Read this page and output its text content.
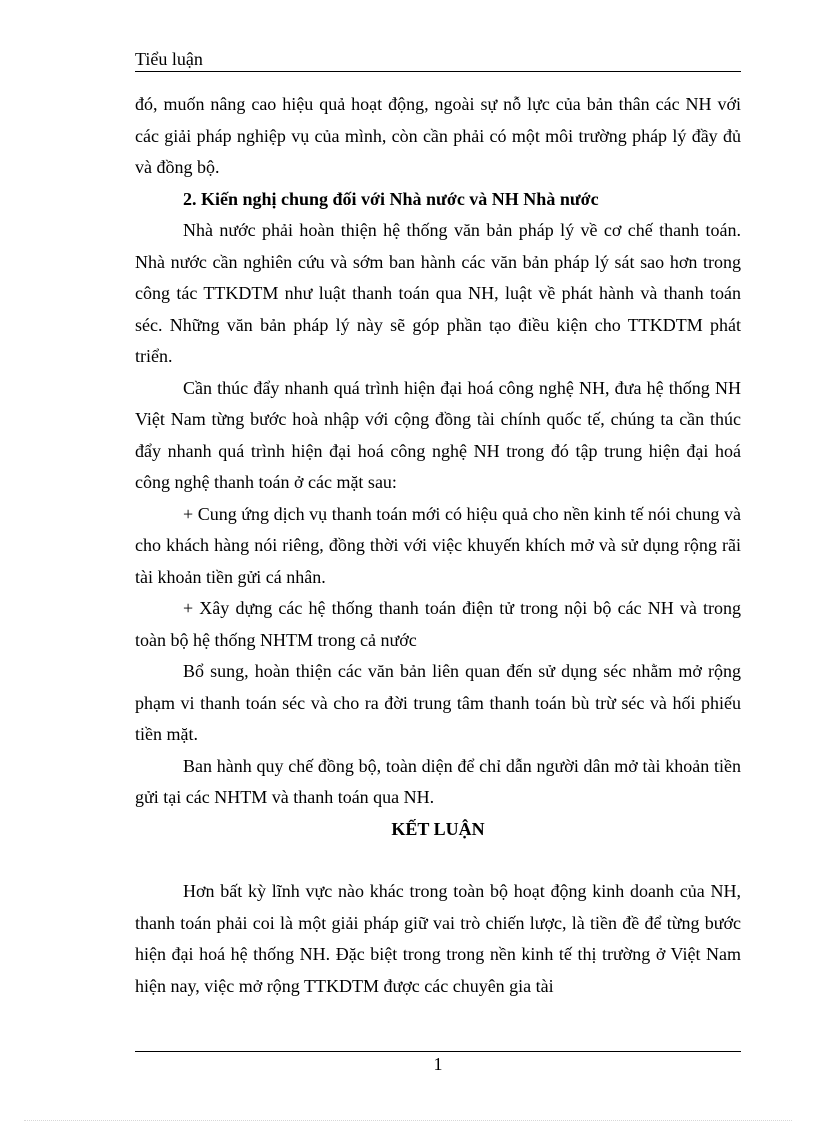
Tiểu luận

đó, muốn nâng cao hiệu quả hoạt động, ngoài sự nỗ lực của bản thân các NH với các giải pháp nghiệp vụ của mình, còn cần phải có một môi trường pháp lý đầy đủ và đồng bộ.

2. Kiến nghị chung đối với Nhà nước và NH Nhà nước

Nhà nước phải hoàn thiện hệ thống văn bản pháp lý về cơ chế thanh toán. Nhà nước cần nghiên cứu và sớm ban hành các văn bản pháp lý sát sao hơn trong công tác TTKDTM như luật thanh toán qua NH, luật về phát hành và thanh toán séc. Những văn bản pháp lý này sẽ góp phần tạo điều kiện cho TTKDTM phát triển.

Cần thúc đẩy nhanh quá trình hiện đại hoá công nghệ NH, đưa hệ thống NH Việt Nam từng bước hoà nhập với cộng đồng tài chính quốc tế, chúng ta cần thúc đẩy nhanh quá trình hiện đại hoá công nghệ NH trong đó tập trung hiện đại hoá công nghệ thanh toán ở các mặt sau:

+ Cung ứng dịch vụ thanh toán mới có hiệu quả cho nền kinh tế nói chung và cho khách hàng nói riêng, đồng thời với việc khuyến khích mở và sử dụng rộng rãi tài khoản tiền gửi cá nhân.

+ Xây dựng các hệ thống thanh toán điện tử trong nội bộ các NH và trong toàn bộ hệ thống NHTM trong cả nước

Bổ sung, hoàn thiện các văn bản liên quan đến sử dụng séc nhằm mở rộng phạm vi thanh toán séc và cho ra đời trung tâm thanh toán bù trừ séc và hối phiếu tiền mặt.

Ban hành quy chế đồng bộ, toàn diện để chỉ dẫn người dân mở tài khoản tiền gửi tại các NHTM và thanh toán qua NH.

KẾT LUẬN

Hơn bất kỳ lĩnh vực nào khác trong toàn bộ hoạt động kinh doanh của NH, thanh toán phải coi là một giải pháp giữ vai trò chiến lược, là tiền đề để từng bước hiện đại hoá hệ thống NH. Đặc biệt trong trong nền kinh tế thị trường ở Việt Nam hiện nay, việc mở rộng TTKDTM được các chuyên gia tài

1
